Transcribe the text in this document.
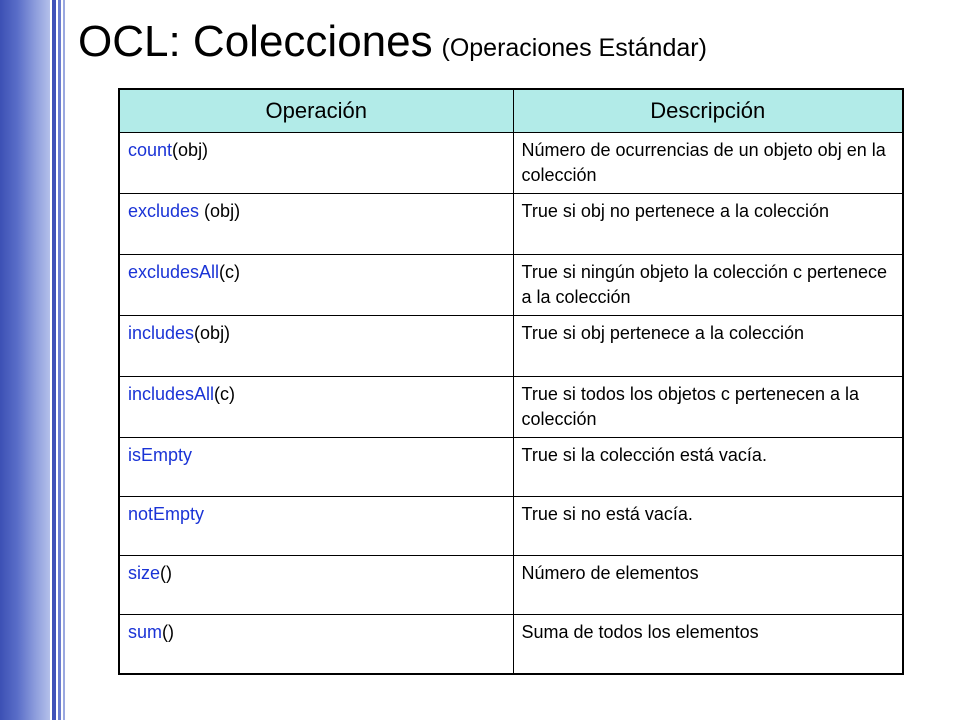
OCL: Colecciones (Operaciones Estándar)
Operación	Descripción
count(obj)	Número de ocurrencias de un objeto obj en la colección
excludes (obj)	True si obj no pertenece a la colección
excludesAll(c)	True si ningún objeto la colección c pertenece a la colección
includes(obj)	True si obj pertenece a la colección
includesAll(c)	True si todos los objetos c pertenecen a la colección
isEmpty	True si la colección está vacía.
notEmpty	True si no está vacía.
size()	Número de elementos
sum()	Suma de todos los elementos
